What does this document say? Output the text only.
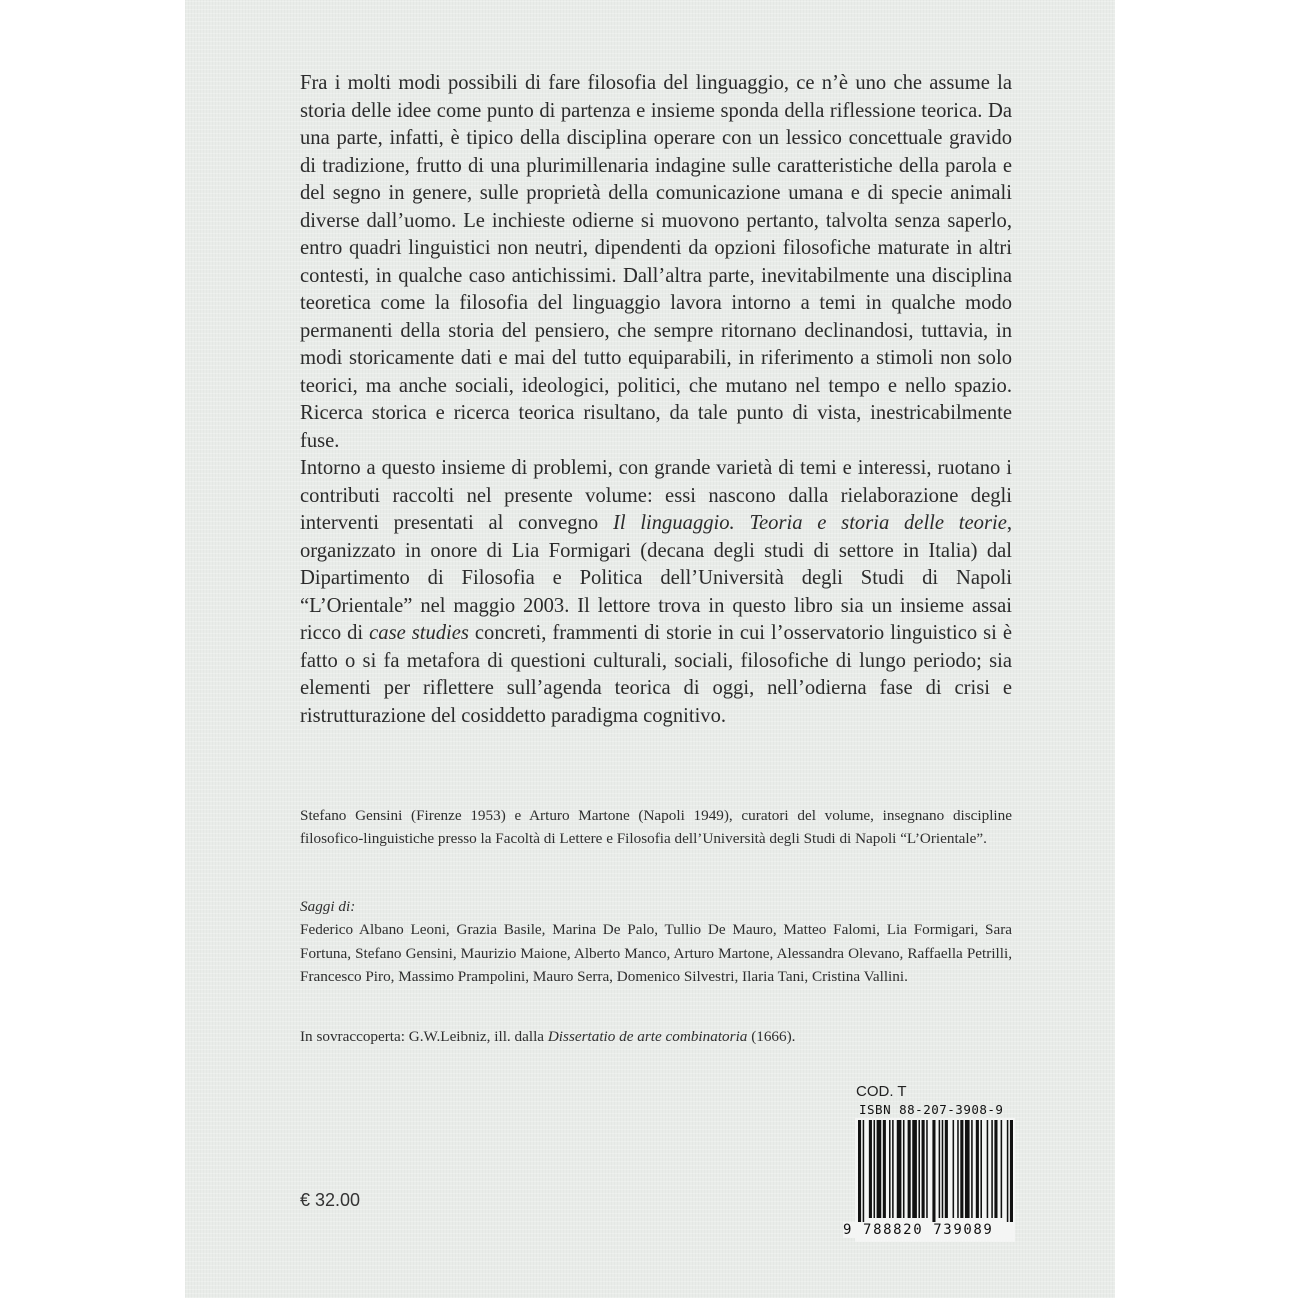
Fra i molti modi possibili di fare filosofia del linguaggio, ce n’è uno che assume la storia delle idee come punto di partenza e insieme sponda della riflessione teorica. Da una parte, infatti, è tipico della disciplina operare con un lessico concettuale gravido di tradizione, frutto di una plurimillenaria indagine sulle caratteristiche della parola e del segno in genere, sulle proprietà della comunicazione umana e di specie animali diverse dall’uomo. Le inchieste odierne si muovono pertanto, talvolta senza saperlo, entro quadri linguistici non neutri, dipendenti da opzioni filosofiche maturate in altri contesti, in qualche caso antichissimi. Dall’altra parte, inevitabilmente una disciplina teoretica come la filosofia del linguaggio lavora intorno a temi in qualche modo permanenti della storia del pensiero, che sempre ritornano declinandosi, tuttavia, in modi storicamente dati e mai del tutto equiparabili, in riferimento a stimoli non solo teorici, ma anche sociali, ideologici, politici, che mutano nel tempo e nello spazio. Ricerca storica e ricerca teorica risultano, da tale punto di vista, inestricabilmente fuse.

Intorno a questo insieme di problemi, con grande varietà di temi e interessi, ruotano i contributi raccolti nel presente volume: essi nascono dalla rielaborazione degli interventi presentati al convegno Il linguaggio. Teoria e storia delle teorie, organizzato in onore di Lia Formigari (decana degli studi di settore in Italia) dal Dipartimento di Filosofia e Politica dell’Università degli Studi di Napoli “L’Orientale” nel maggio 2003. Il lettore trova in questo libro sia un insieme assai ricco di case studies concreti, frammenti di storie in cui l’osservatorio linguistico si è fatto o si fa metafora di questioni culturali, sociali, filosofiche di lungo periodo; sia elementi per riflettere sull’agenda teorica di oggi, nell’odierna fase di crisi e ristrutturazione del cosiddetto paradigma cognitivo.

Stefano Gensini (Firenze 1953) e Arturo Martone (Napoli 1949), curatori del volume, insegnano discipline filosofico-linguistiche presso la Facoltà di Lettere e Filosofia dell’Università degli Studi di Napoli “L’Orientale”.

Saggi di:
Federico Albano Leoni, Grazia Basile, Marina De Palo, Tullio De Mauro, Matteo Falomi, Lia Formigari, Sara Fortuna, Stefano Gensini, Maurizio Maione, Alberto Manco, Arturo Martone, Alessandra Olevano, Raffaella Petrilli, Francesco Piro, Massimo Prampolini, Mauro Serra, Domenico Silvestri, Ilaria Tani, Cristina Vallini.

In sovraccoperta: G.W.Leibniz, ill. dalla Dissertatio de arte combinatoria (1666).

€ 32.00
COD. T
ISBN 88-207-3908-9
9 788820 739089
